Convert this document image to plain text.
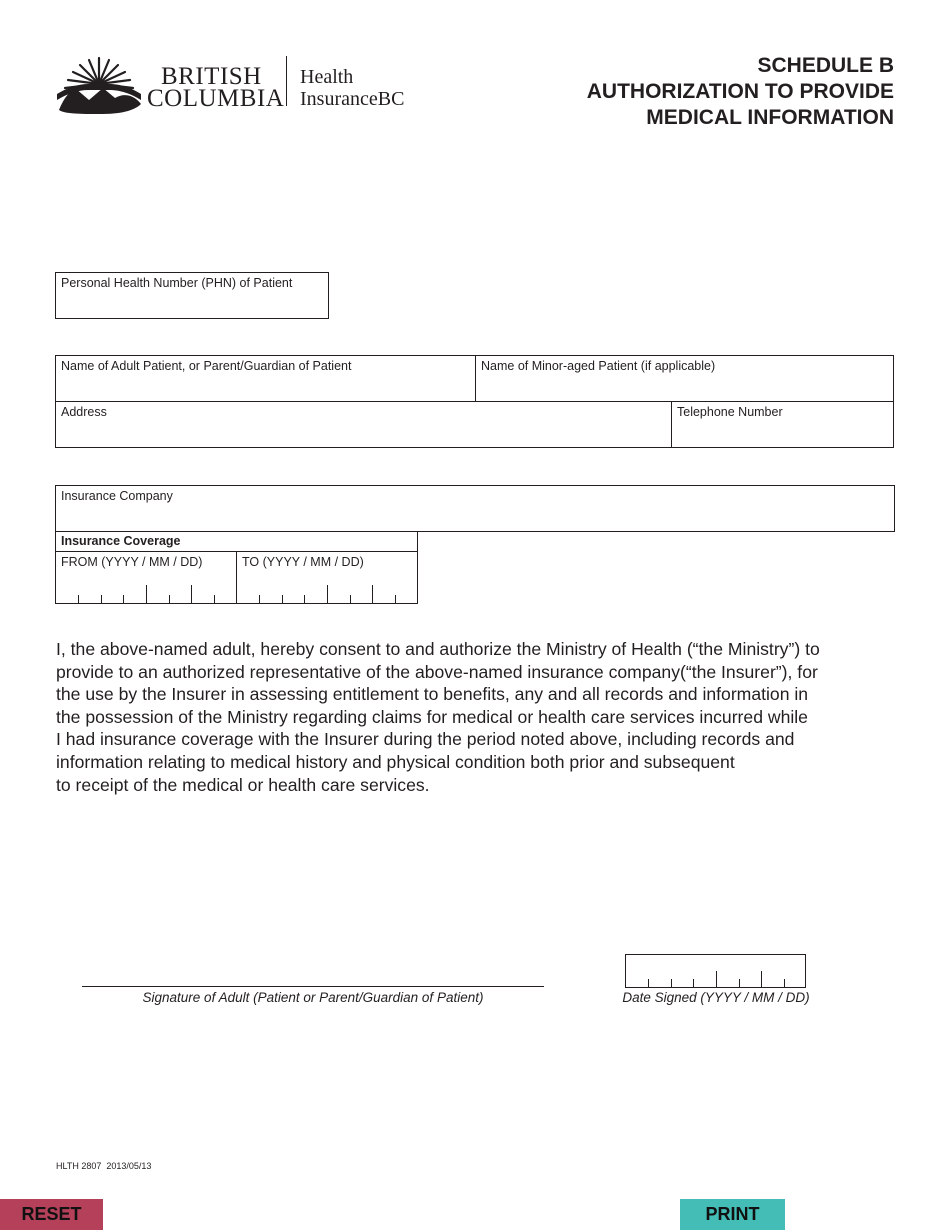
BRITISH
COLUMBIA
Health
InsuranceBC
SCHEDULE B
AUTHORIZATION TO PROVIDE
MEDICAL INFORMATION
Personal Health Number (PHN) of Patient
Name of Adult Patient, or Parent/Guardian of Patient	Name of Minor-aged Patient (if applicable)
Address	Telephone Number
Insurance Company
Insurance Coverage
FROM (YYYY / MM / DD)	TO (YYYY / MM / DD)
I, the above-named adult, hereby consent to and authorize the Ministry of Health (“the Ministry”) to
provide to an authorized representative of the above-named insurance company(“the Insurer”), for
the use by the Insurer in assessing entitlement to benefits, any and all records and information in
the possession of the Ministry regarding claims for medical or health care services incurred while
I had insurance coverage with the Insurer during the period noted above, including records and
information relating to medical history and physical condition both prior and subsequent
to receipt of the medical or health care services.
Signature of Adult (Patient or Parent/Guardian of Patient)	Date Signed (YYYY / MM / DD)
HLTH 2807  2013/05/13
RESET	PRINT
